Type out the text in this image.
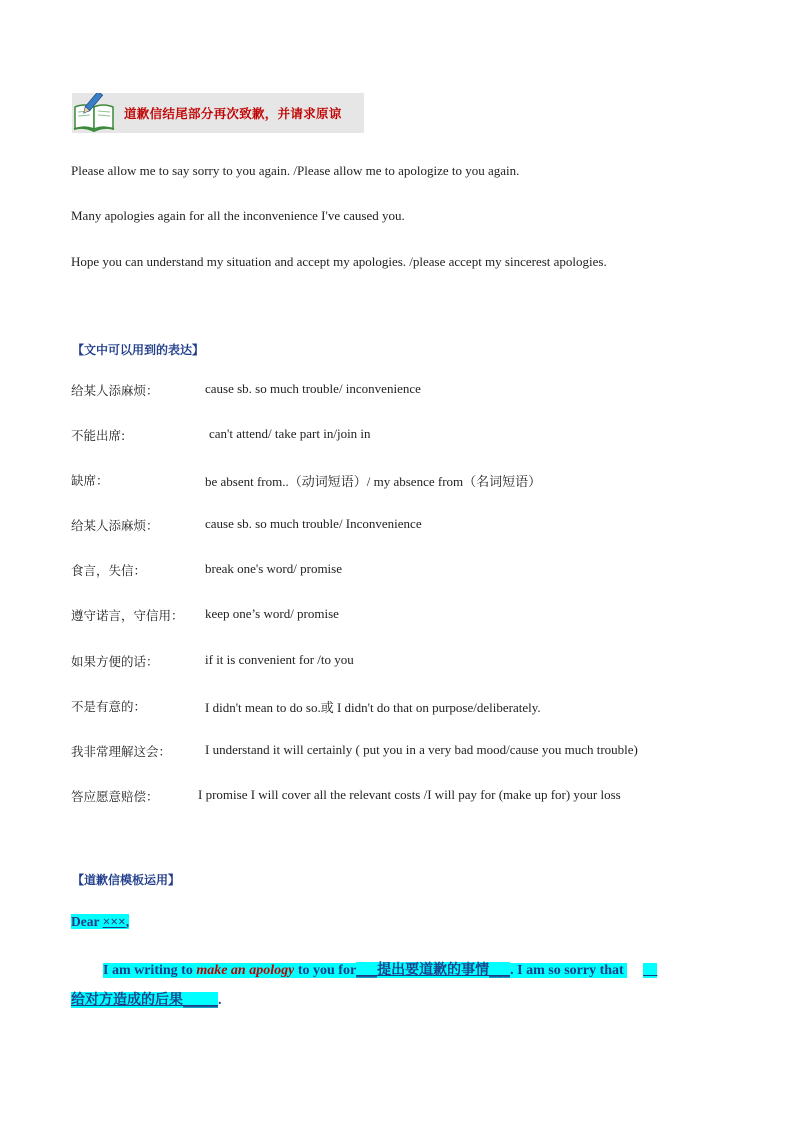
道歉信结尾部分再次致歉，并请求原谅
Please allow me to say sorry to you again. /Please allow me to apologize to you again.
Many apologies again for all the inconvenience I've caused you.
Hope you can understand my situation and accept my apologies. /please accept my sincerest apologies.
【文中可以用到的表达】
给某人添麻烦：	cause sb. so much trouble/ inconvenience
不能出席:	can't attend/ take part in/join in
缺席：	be absent from..（动词短语）/ my absence from（名词短语）
给某人添麻烦：	cause sb. so much trouble/ Inconvenience
食言，失信：	break one's word/ promise
遵守诺言，守信用： keep one’s word/ promise
如果方便的话：	if it is convenient for /to you
不是有意的：	I didn't mean to do so.或 I didn't do that on purpose/deliberately.
我非常理解这会：	I understand it will certainly ( put you in a very bad mood/cause you much trouble)
答应愿意赔偿：	I promise I will cover all the relevant costs /I will pay for (make up for) your loss
【道歉信模板运用】
Dear ×××,
I am writing to make an apology to you for___提出要道歉的事情___. I am so sorry that __
给对方造成的后果_____.
